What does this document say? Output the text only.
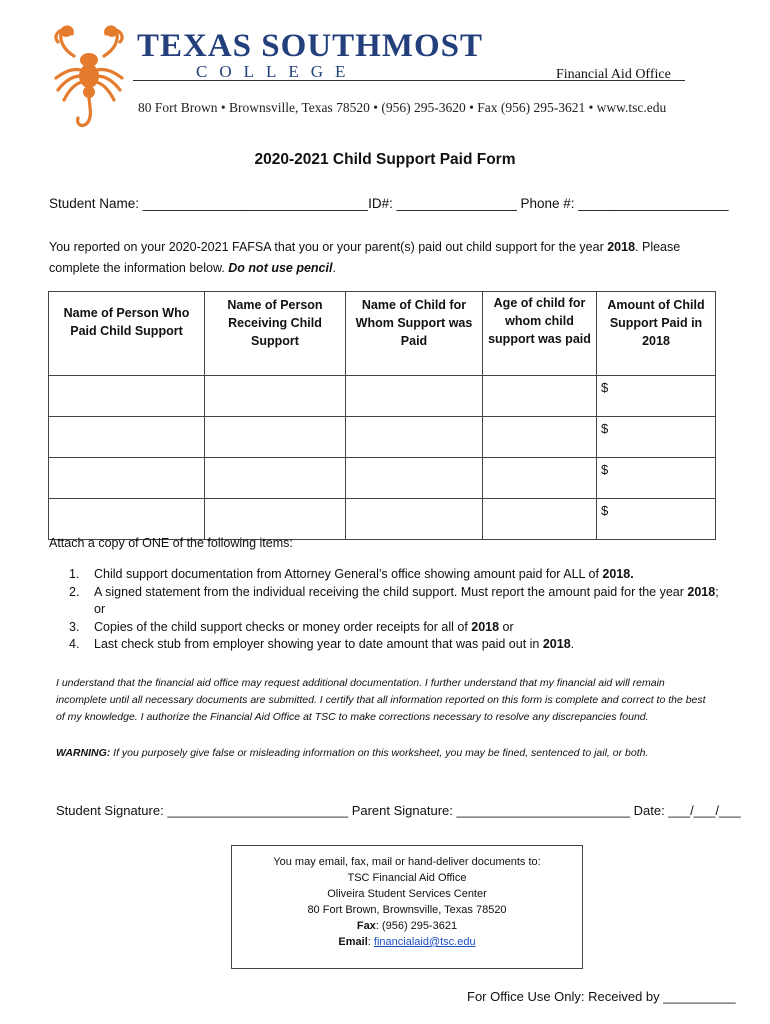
TEXAS SOUTHMOST
COLLEGE	Financial Aid Office
80 Fort Brown • Brownsville, Texas 78520 • (956) 295-3620 • Fax (956) 295-3621 • www.tsc.edu
2020-2021 Child Support Paid Form
Student Name: ______________________________ID#: ________________ Phone #: ____________________
You reported on your 2020-2021 FAFSA that you or your parent(s) paid out child support for the year 2018. Please complete the information below. Do not use pencil.
Name of Person Who Paid Child Support	Name of Person Receiving Child Support	Name of Child for Whom Support was Paid	Age of child for whom child support was paid	Amount of Child Support Paid in 2018
				$
				$
				$
				$
Attach a copy of ONE of the following items:
1. Child support documentation from Attorney General’s office showing amount paid for ALL of 2018.
2. A signed statement from the individual receiving the child support. Must report the amount paid for the year 2018; or
3. Copies of the child support checks or money order receipts for all of 2018 or
4. Last check stub from employer showing year to date amount that was paid out in 2018.
I understand that the financial aid office may request additional documentation. I further understand that my financial aid will remain incomplete until all necessary documents are submitted. I certify that all information reported on this form is complete and correct to the best of my knowledge. I authorize the Financial Aid Office at TSC to make corrections necessary to resolve any discrepancies found.
WARNING: If you purposely give false or misleading information on this worksheet, you may be fined, sentenced to jail, or both.
Student Signature: _________________________ Parent Signature: ________________________ Date: ___/___/___
You may email, fax, mail or hand-deliver documents to:
TSC Financial Aid Office
Oliveira Student Services Center
80 Fort Brown, Brownsville, Texas 78520
Fax: (956) 295-3621
Email: financialaid@tsc.edu
For Office Use Only: Received by __________
